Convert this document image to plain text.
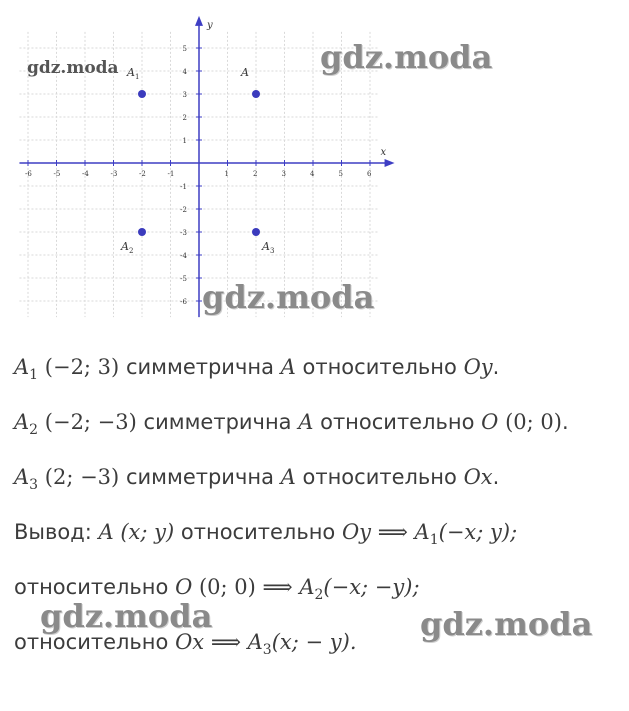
x
y
-6	-5	-4	-3	-2	-1	1	2	3	4	5	6
5
4
3
2
1
-1
-2
-3
-4
-5
-6
A
$A_1$
$A_2$	$A_3$
gdz.moda	gdz.moda
gdz.moda
$A_1$ (−2; 3) симметрична A относительно Oy.
$A_2$ (−2; −3) симметрична A относительно O (0; 0).
$A_3$ (2; −3) симметрична A относительно Ox.
Вывод: A (x; y) относительно Oy ⟹ $A_1(-x$; y);
относительно O (0; 0) ⟹ $A_2(-x$; −y);
относительно Ox ⟹ $A_3(x$; − y).
gdz.moda	gdz.moda
